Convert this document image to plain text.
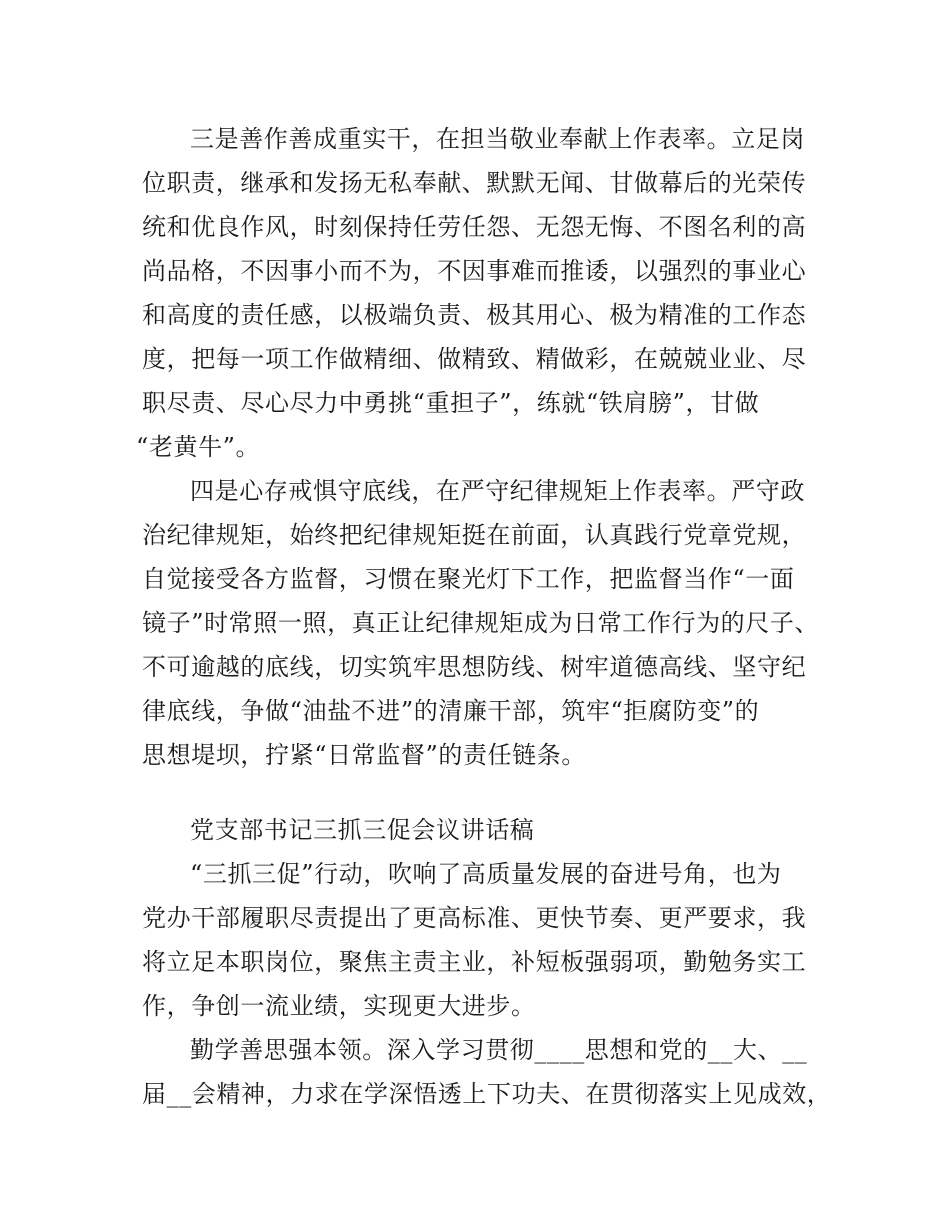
三是善作善成重实干，在担当敬业奉献上作表率。立足岗
位职责，继承和发扬无私奉献、默默无闻、甘做幕后的光荣传
统和优良作风，时刻保持任劳任怨、无怨无悔、不图名利的高
尚品格，不因事小而不为，不因事难而推诿，以强烈的事业心
和高度的责任感，以极端负责、极其用心、极为精准的工作态
度，把每一项工作做精细、做精致、精做彩，在兢兢业业、尽
职尽责、尽心尽力中勇挑“重担子”，练就“铁肩膀”，甘做
“老黄牛”。
四是心存戒惧守底线，在严守纪律规矩上作表率。严守政
治纪律规矩，始终把纪律规矩挺在前面，认真践行党章党规，
自觉接受各方监督，习惯在聚光灯下工作，把监督当作“一面
镜子”时常照一照，真正让纪律规矩成为日常工作行为的尺子、
不可逾越的底线，切实筑牢思想防线、树牢道德高线、坚守纪
律底线，争做“油盐不进”的清廉干部，筑牢“拒腐防变”的
思想堤坝，拧紧“日常监督”的责任链条。
党支部书记三抓三促会议讲话稿
“三抓三促”行动，吹响了高质量发展的奋进号角，也为
党办干部履职尽责提出了更高标准、更快节奏、更严要求，我
将立足本职岗位，聚焦主责主业，补短板强弱项，勤勉务实工
作，争创一流业绩，实现更大进步。
勤学善思强本领。深入学习贯彻____思想和党的__大、__
届__会精神，力求在学深悟透上下功夫、在贯彻落实上见成效，
